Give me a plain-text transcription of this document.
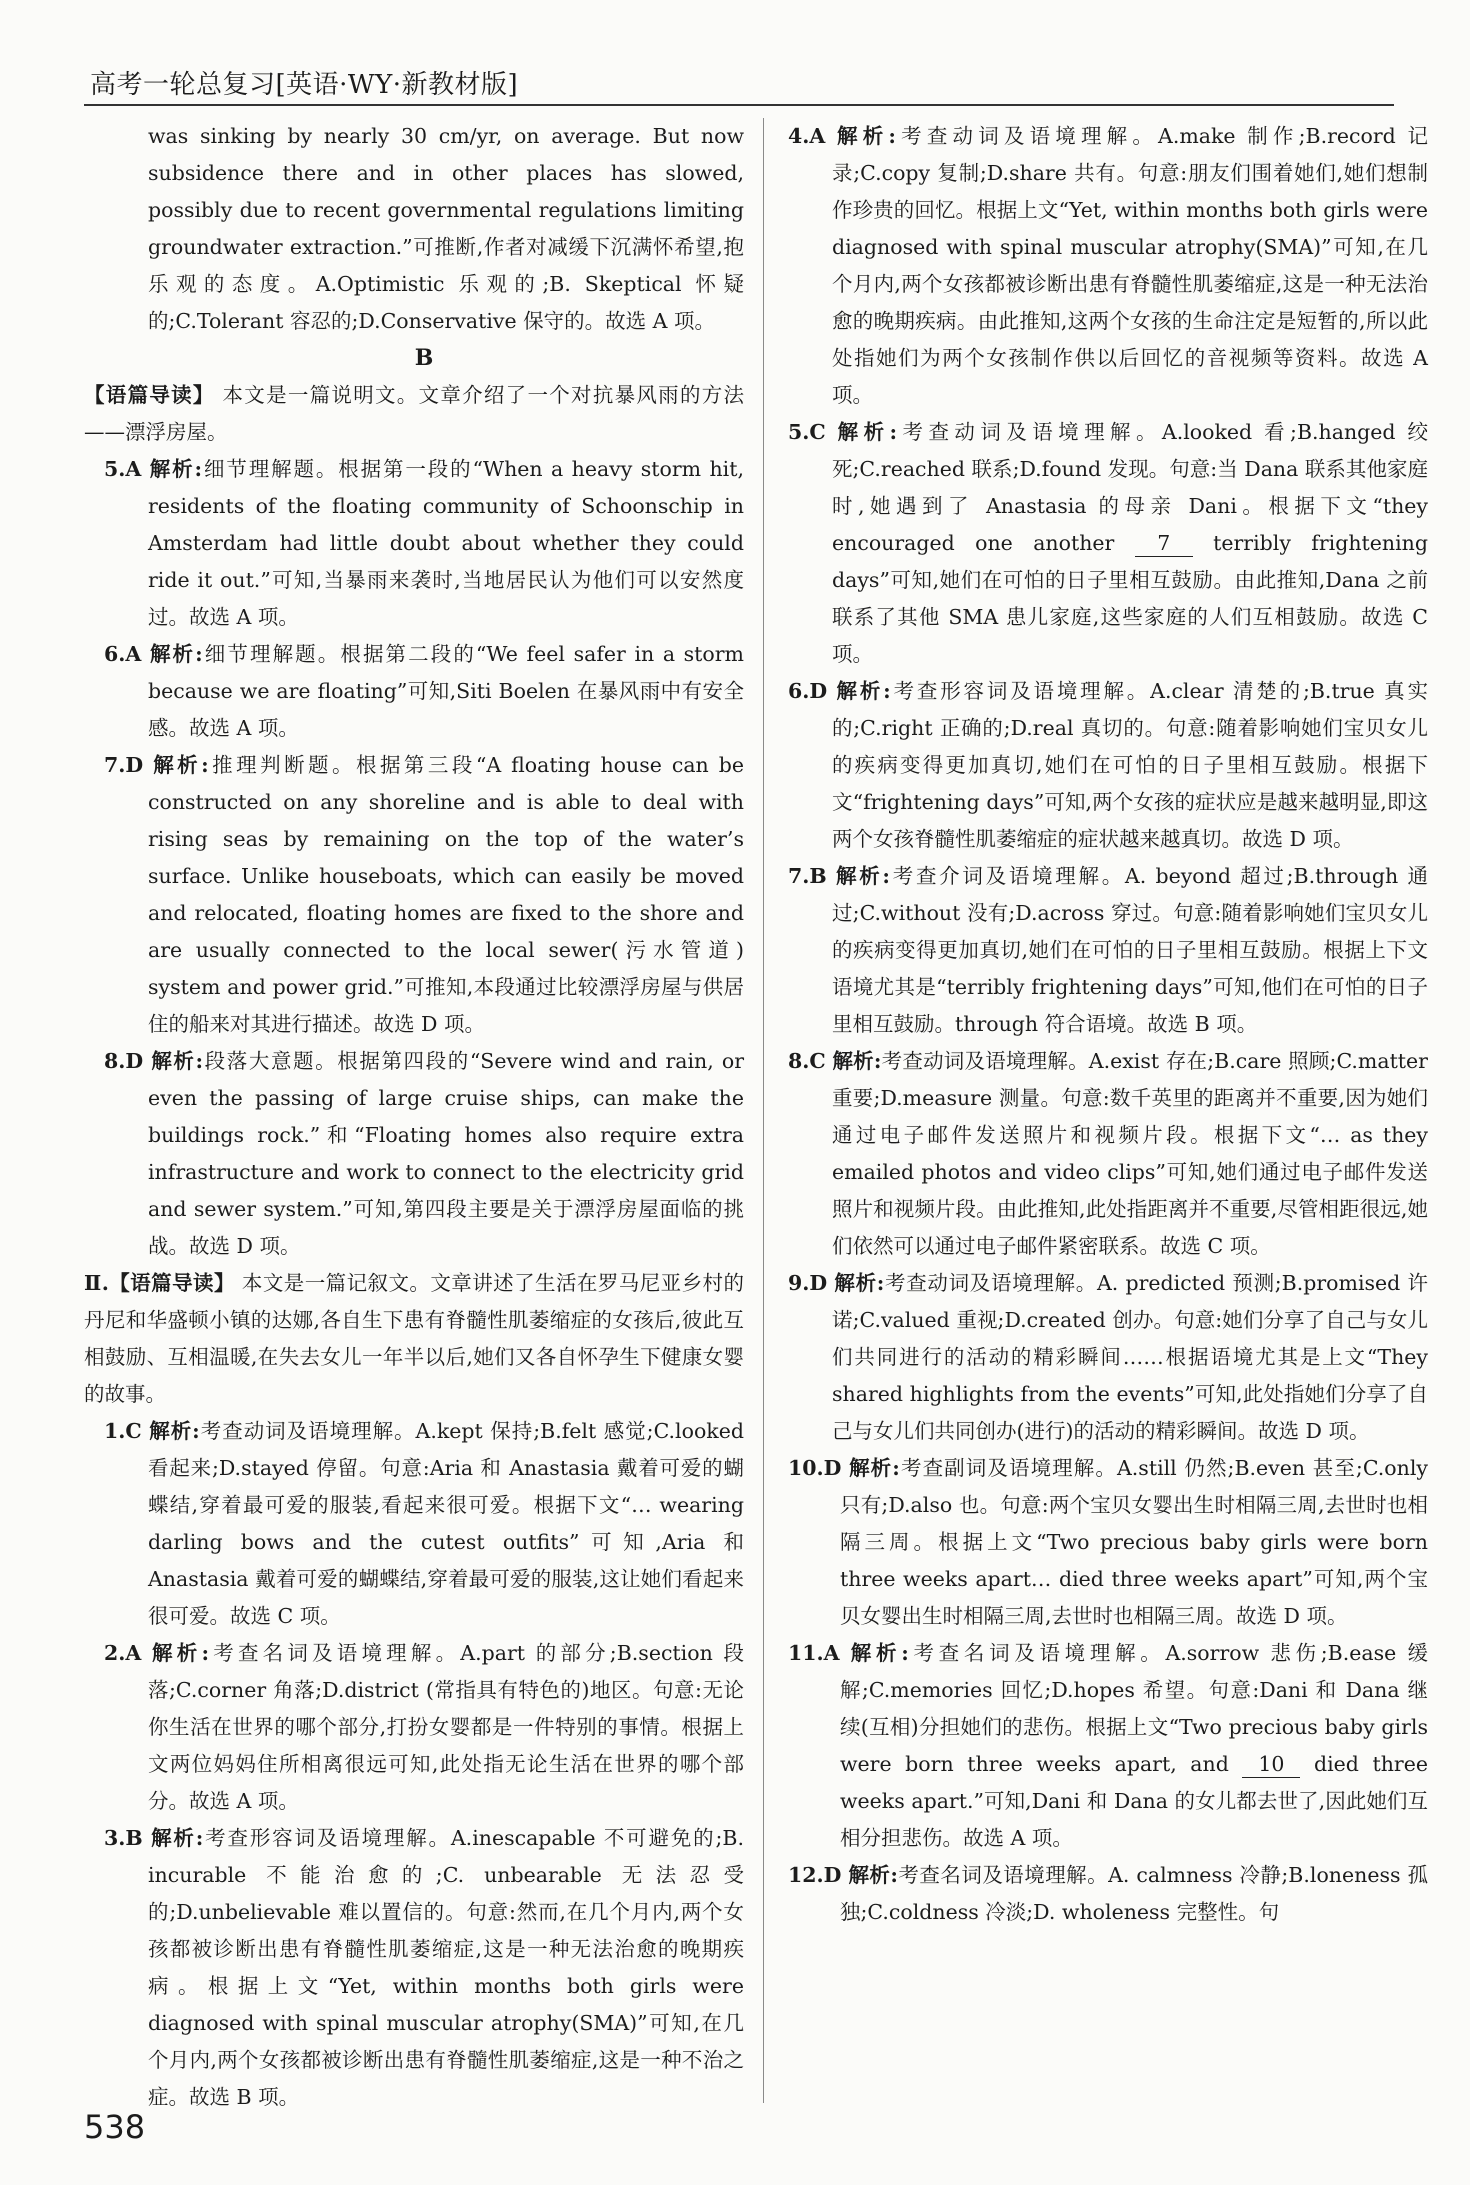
高考一轮总复习[英语·WY·新教材版]

was sinking by nearly 30 cm/yr, on average. But now subsidence there and in other places has slowed, possibly due to recent governmental regulations limiting groundwater extraction.”可推断,作者对减缓下沉满怀希望,抱乐观的态度。A.Optimistic 乐观的;B. Skeptical 怀疑的;C.Tolerant 容忍的;D.Conservative 保守的。故选 A 项。

B

【语篇导读】 本文是一篇说明文。文章介绍了一个对抗暴风雨的方法——漂浮房屋。

5.A 解析:细节理解题。根据第一段的“When a heavy storm hit, residents of the floating community of Schoonschip in Amsterdam had little doubt about whether they could ride it out.”可知,当暴雨来袭时,当地居民认为他们可以安然度过。故选 A 项。

6.A 解析:细节理解题。根据第二段的“We feel safer in a storm because we are floating”可知,Siti Boelen 在暴风雨中有安全感。故选 A 项。

7.D 解析:推理判断题。根据第三段“A floating house can be constructed on any shoreline and is able to deal with rising seas by remaining on the top of the water’s surface. Unlike houseboats, which can easily be moved and relocated, floating homes are fixed to the shore and are usually connected to the local sewer(污水管道) system and power grid.”可推知,本段通过比较漂浮房屋与供居住的船来对其进行描述。故选 D 项。

8.D 解析:段落大意题。根据第四段的“Severe wind and rain, or even the passing of large cruise ships, can make the buildings rock.”和“Floating homes also require extra infrastructure and work to connect to the electricity grid and sewer system.”可知,第四段主要是关于漂浮房屋面临的挑战。故选 D 项。

Ⅱ.【语篇导读】 本文是一篇记叙文。文章讲述了生活在罗马尼亚乡村的丹尼和华盛顿小镇的达娜,各自生下患有脊髓性肌萎缩症的女孩后,彼此互相鼓励、互相温暖,在失去女儿一年半以后,她们又各自怀孕生下健康女婴的故事。

1.C 解析:考查动词及语境理解。A.kept 保持;B.felt 感觉;C.looked 看起来;D.stayed 停留。句意:Aria 和 Anastasia 戴着可爱的蝴蝶结,穿着最可爱的服装,看起来很可爱。根据下文“… wearing darling bows and the cutest outfits”可知,Aria 和 Anastasia 戴着可爱的蝴蝶结,穿着最可爱的服装,这让她们看起来很可爱。故选 C 项。

2.A 解析:考查名词及语境理解。A.part 的部分;B.section 段落;C.corner 角落;D.district (常指具有特色的)地区。句意:无论你生活在世界的哪个部分,打扮女婴都是一件特别的事情。根据上文两位妈妈住所相离很远可知,此处指无论生活在世界的哪个部分。故选 A 项。

3.B 解析:考查形容词及语境理解。A.inescapable 不可避免的;B. incurable 不能治愈的;C. unbearable 无法忍受的;D.unbelievable 难以置信的。句意:然而,在几个月内,两个女孩都被诊断出患有脊髓性肌萎缩症,这是一种无法治愈的晚期疾病。根据上文“Yet, within months both girls were diagnosed with spinal muscular atrophy(SMA)”可知,在几个月内,两个女孩都被诊断出患有脊髓性肌萎缩症,这是一种不治之症。故选 B 项。

4.A 解析:考查动词及语境理解。A.make 制作;B.record 记录;C.copy 复制;D.share 共有。句意:朋友们围着她们,她们想制作珍贵的回忆。根据上文“Yet, within months both girls were diagnosed with spinal muscular atrophy(SMA)”可知,在几个月内,两个女孩都被诊断出患有脊髓性肌萎缩症,这是一种无法治愈的晚期疾病。由此推知,这两个女孩的生命注定是短暂的,所以此处指她们为两个女孩制作供以后回忆的音视频等资料。故选 A 项。

5.C 解析:考查动词及语境理解。A.looked 看;B.hanged 绞死;C.reached 联系;D.found 发现。句意:当 Dana 联系其他家庭时,她遇到了 Anastasia 的母亲 Dani。根据下文“they encouraged one another 7 terribly frightening days”可知,她们在可怕的日子里相互鼓励。由此推知,Dana 之前联系了其他 SMA 患儿家庭,这些家庭的人们互相鼓励。故选 C 项。

6.D 解析:考查形容词及语境理解。A.clear 清楚的;B.true 真实的;C.right 正确的;D.real 真切的。句意:随着影响她们宝贝女儿的疾病变得更加真切,她们在可怕的日子里相互鼓励。根据下文“frightening days”可知,两个女孩的症状应是越来越明显,即这两个女孩脊髓性肌萎缩症的症状越来越真切。故选 D 项。

7.B 解析:考查介词及语境理解。A. beyond 超过;B.through 通过;C.without 没有;D.across 穿过。句意:随着影响她们宝贝女儿的疾病变得更加真切,她们在可怕的日子里相互鼓励。根据上下文语境尤其是“terribly frightening days”可知,他们在可怕的日子里相互鼓励。through 符合语境。故选 B 项。

8.C 解析:考查动词及语境理解。A.exist 存在;B.care 照顾;C.matter 重要;D.measure 测量。句意:数千英里的距离并不重要,因为她们通过电子邮件发送照片和视频片段。根据下文“… as they emailed photos and video clips”可知,她们通过电子邮件发送照片和视频片段。由此推知,此处指距离并不重要,尽管相距很远,她们依然可以通过电子邮件紧密联系。故选 C 项。

9.D 解析:考查动词及语境理解。A. predicted 预测;B.promised 许诺;C.valued 重视;D.created 创办。句意:她们分享了自己与女儿们共同进行的活动的精彩瞬间……根据语境尤其是上文“They shared highlights from the events”可知,此处指她们分享了自己与女儿们共同创办(进行)的活动的精彩瞬间。故选 D 项。

10.D 解析:考查副词及语境理解。A.still 仍然;B.even 甚至;C.only 只有;D.also 也。句意:两个宝贝女婴出生时相隔三周,去世时也相隔三周。根据上文“Two precious baby girls were born three weeks apart… died three weeks apart”可知,两个宝贝女婴出生时相隔三周,去世时也相隔三周。故选 D 项。

11.A 解析:考查名词及语境理解。A.sorrow 悲伤;B.ease 缓解;C.memories 回忆;D.hopes 希望。句意:Dani 和 Dana 继续(互相)分担她们的悲伤。根据上文“Two precious baby girls were born three weeks apart, and 10 died three weeks apart.”可知,Dani 和 Dana 的女儿都去世了,因此她们互相分担悲伤。故选 A 项。

12.D 解析:考查名词及语境理解。A. calmness 冷静;B.loneness 孤独;C.coldness 冷淡;D. wholeness 完整性。句

538
